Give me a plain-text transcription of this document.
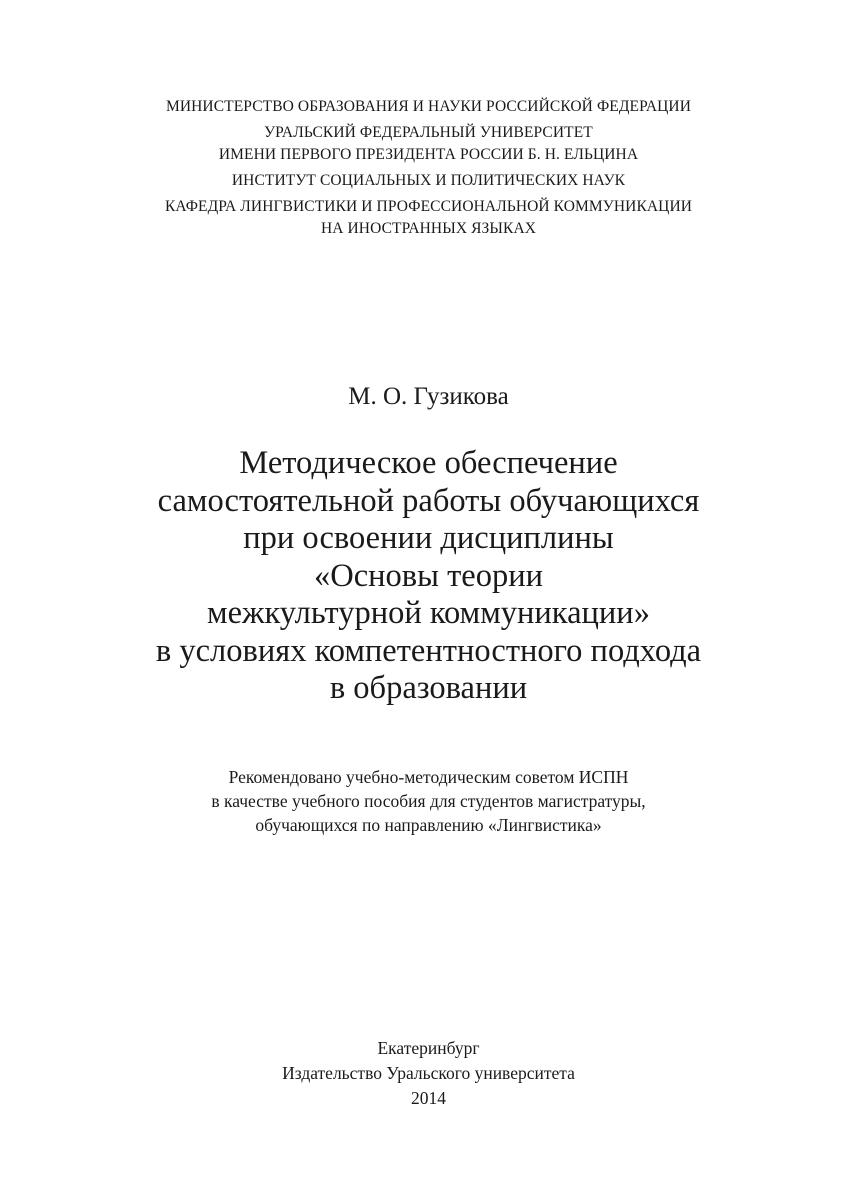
МИНИСТЕРСТВО ОБРАЗОВАНИЯ И НАУКИ РОССИЙСКОЙ ФЕДЕРАЦИИ
УРАЛЬСКИЙ ФЕДЕРАЛЬНЫЙ УНИВЕРСИТЕТ
ИМЕНИ ПЕРВОГО ПРЕЗИДЕНТА РОССИИ Б. Н. ЕЛЬЦИНА
ИНСТИТУТ СОЦИАЛЬНЫХ И ПОЛИТИЧЕСКИХ НАУК
КАФЕДРА ЛИНГВИСТИКИ И ПРОФЕССИОНАЛЬНОЙ КОММУНИКАЦИИ
НА ИНОСТРАННЫХ ЯЗЫКАХ
М. О. Гузикова
Методическое обеспечение
самостоятельной работы обучающихся
при освоении дисциплины
«Основы теории
межкультурной коммуникации»
в условиях компетентностного подхода
в образовании
Рекомендовано учебно-методическим советом ИСПН
в качестве учебного пособия для студентов магистратуры,
обучающихся по направлению «Лингвистика»
Екатеринбург
Издательство Уральского университета
2014
